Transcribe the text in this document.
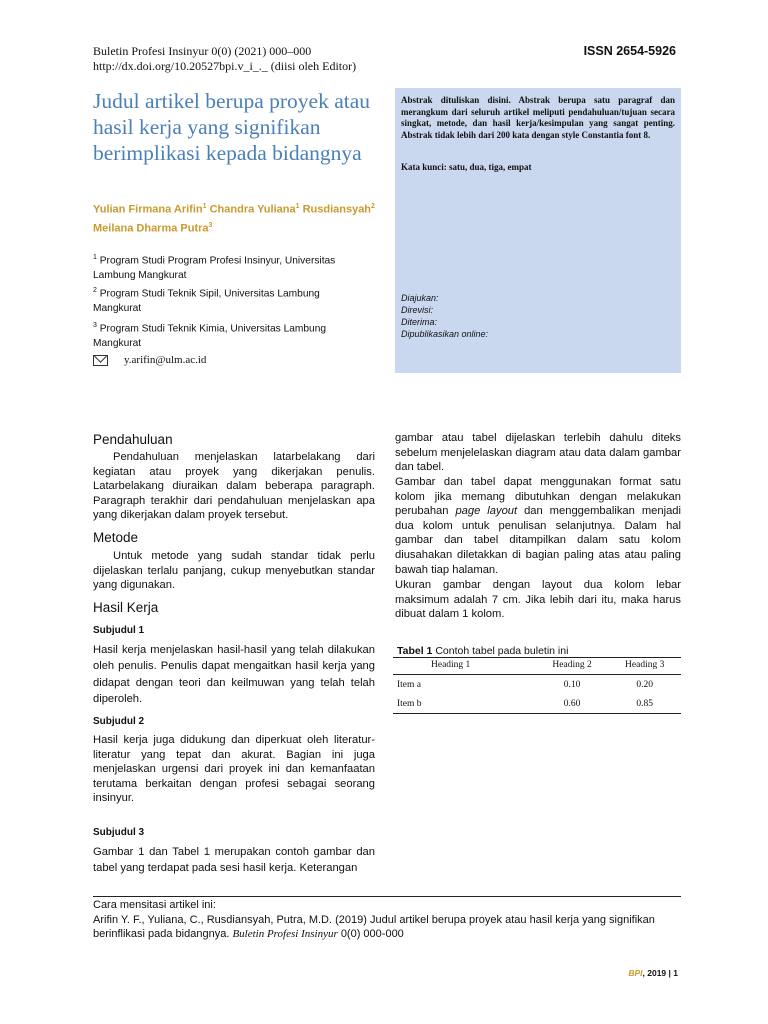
Buletin Profesi Insinyur 0(0) (2021) 000–000
http://dx.doi.org/10.20527bpi.v_i_._ (diisi oleh Editor)
ISSN 2654-5926
Judul artikel berupa proyek atau hasil kerja yang signifikan berimplikasi kepada bidangnya
Yulian Firmana Arifin$^1$ Chandra Yuliana$^1$ Rusdiansyah$^2$
Meilana Dharma Putra$^3$
$^1$ Program Studi Program Profesi Insinyur, Universitas Lambung Mangkurat
$^2$ Program Studi Teknik Sipil, Universitas Lambung Mangkurat
$^3$ Program Studi Teknik Kimia, Universitas Lambung Mangkurat
y.arifin@ulm.ac.id
Abstrak dituliskan disini. Abstrak berupa satu paragraf dan merangkum dari seluruh artikel meliputi pendahuluan/tujuan secara singkat, metode, dan hasil kerja/kesimpulan yang sangat penting. Abstrak tidak lebih dari 200 kata dengan style Constantia font 8.
Kata kunci: satu, dua, tiga, empat
Diajukan:
Direvisi:
Diterima:
Dipublikasikan online:
Pendahuluan
Pendahuluan menjelaskan latarbelakang dari kegiatan atau proyek yang dikerjakan penulis. Latarbelakang diuraikan dalam beberapa paragraph. Paragraph terakhir dari pendahuluan menjelaskan apa yang dikerjakan dalam proyek tersebut.
Metode
Untuk metode yang sudah standar tidak perlu dijelaskan terlalu panjang, cukup menyebutkan standar yang digunakan.
Hasil Kerja
Subjudul 1
Hasil kerja menjelaskan hasil-hasil yang telah dilakukan oleh penulis. Penulis dapat mengaitkan hasil kerja yang didapat dengan teori dan keilmuwan yang telah telah diperoleh.
Subjudul 2
Hasil kerja juga didukung dan diperkuat oleh literatur-literatur yang tepat dan akurat. Bagian ini juga menjelaskan urgensi dari proyek ini dan kemanfaatan terutama berkaitan dengan profesi sebagai seorang insinyur.
Subjudul 3
Gambar 1 dan Tabel 1 merupakan contoh gambar dan tabel yang terdapat pada sesi hasil kerja. Keterangan
gambar atau tabel dijelaskan terlebih dahulu diteks sebelum menjelelaskan diagram atau data dalam gambar dan tabel.
Gambar dan tabel dapat menggunakan format satu kolom jika memang dibutuhkan dengan melakukan perubahan page layout dan menggembalikan menjadi dua kolom untuk penulisan selanjutnya. Dalam hal gambar dan tabel ditampilkan dalam satu kolom diusahakan diletakkan di bagian paling atas atau paling bawah tiap halaman.
Ukuran gambar dengan layout dua kolom lebar maksimum adalah 7 cm. Jika lebih dari itu, maka harus dibuat dalam 1 kolom.
Tabel 1 Contoh tabel pada buletin ini
Heading 1	Heading 2	Heading 3
Item a	0.10	0.20
Item b	0.60	0.85
Cara mensitasi artikel ini:
Arifin Y. F., Yuliana, C., Rusdiansyah, Putra, M.D. (2019) Judul artikel berupa proyek atau hasil kerja yang signifikan berinflikasi pada bidangnya. Buletin Profesi Insinyur 0(0) 000-000
BPI, 2019 | 1
